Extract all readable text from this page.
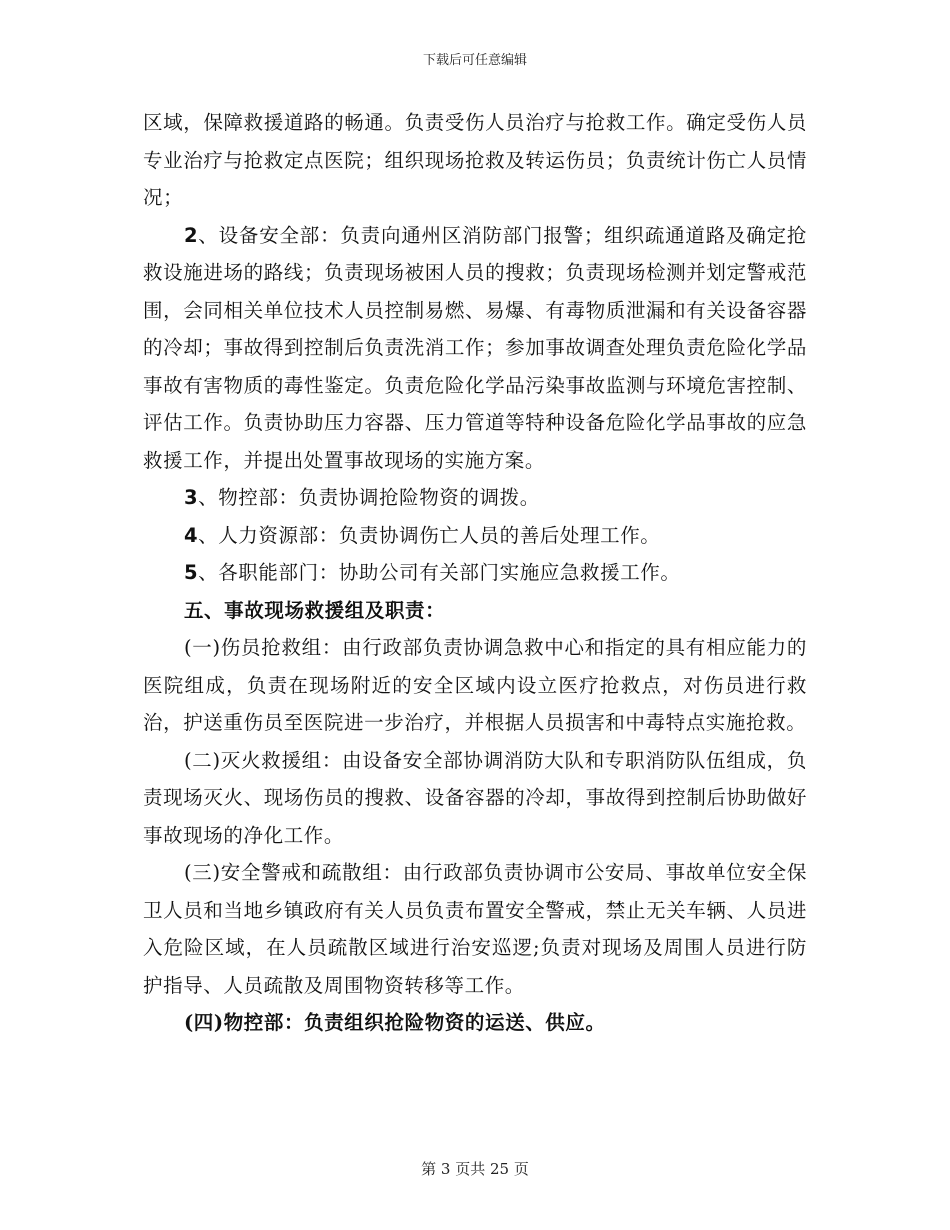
下载后可任意编辑

区域，保障救援道路的畅通。负责受伤人员治疗与抢救工作。确定受伤人员专业治疗与抢救定点医院；组织现场抢救及转运伤员；负责统计伤亡人员情况；

2、设备安全部：负责向通州区消防部门报警；组织疏通道路及确定抢救设施进场的路线；负责现场被困人员的搜救；负责现场检测并划定警戒范围，会同相关单位技术人员控制易燃、易爆、有毒物质泄漏和有关设备容器的冷却；事故得到控制后负责洗消工作；参加事故调查处理负责危险化学品事故有害物质的毒性鉴定。负责危险化学品污染事故监测与环境危害控制、评估工作。负责协助压力容器、压力管道等特种设备危险化学品事故的应急救援工作，并提出处置事故现场的实施方案。

3、物控部：负责协调抢险物资的调拨。

4、人力资源部：负责协调伤亡人员的善后处理工作。

5、各职能部门：协助公司有关部门实施应急救援工作。

五、事故现场救援组及职责：

(一)伤员抢救组：由行政部负责协调急救中心和指定的具有相应能力的医院组成，负责在现场附近的安全区域内设立医疗抢救点，对伤员进行救治，护送重伤员至医院进一步治疗，并根据人员损害和中毒特点实施抢救。

(二)灭火救援组：由设备安全部协调消防大队和专职消防队伍组成，负责现场灭火、现场伤员的搜救、设备容器的冷却，事故得到控制后协助做好事故现场的净化工作。

(三)安全警戒和疏散组：由行政部负责协调市公安局、事故单位安全保卫人员和当地乡镇政府有关人员负责布置安全警戒，禁止无关车辆、人员进入危险区域，在人员疏散区域进行治安巡逻;负责对现场及周围人员进行防护指导、人员疏散及周围物资转移等工作。

(四)物控部：负责组织抢险物资的运送、供应。

第 3 页共 25 页
